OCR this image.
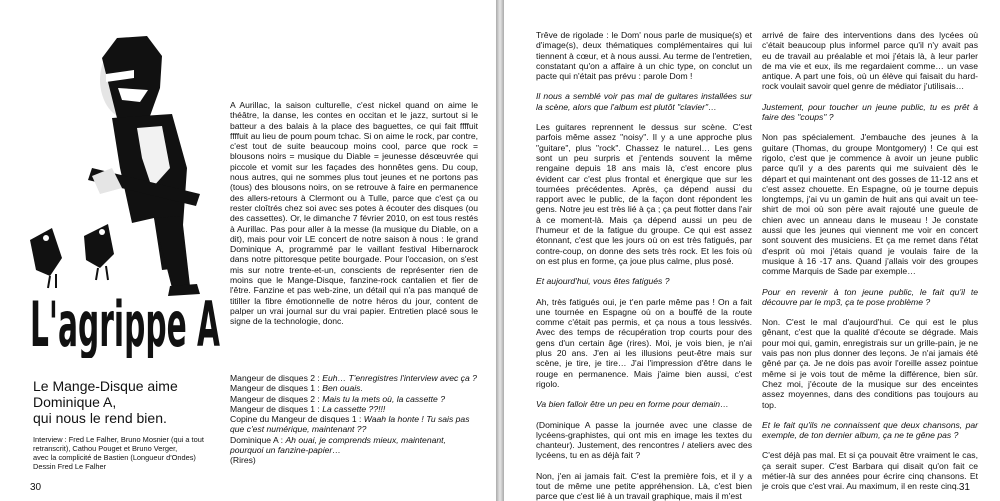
L'agrippe A
Le Mange-Disque aime
Dominique A,
qui nous le rend bien.
Interview : Fred Le Falher, Bruno Mosnier (qui a tout
retranscrit), Cathou Pouget et Bruno Verger,
avec la complicité de Bastien (Longueur d'Ondes)
Dessin Fred Le Falher

A Aurillac, la saison culturelle, c'est nickel quand on aime le théâtre, la danse, les contes en occitan et le jazz, surtout si le batteur a des balais à la place des baguettes, ce qui fait ffffuit ffffuit au lieu de poum poum tchac. Si on aime le rock, par contre, c'est tout de suite beaucoup moins cool, parce que rock = blousons noirs = musique du Diable = jeunesse désœuvrée qui piccole et vomit sur les façades des honnêtes gens. Du coup, nous autres, qui ne sommes plus tout jeunes et ne portons pas (tous) des blousons noirs, on se retrouve à faire en permanence des allers-retours à Clermont ou à Tulle, parce que c'est ça ou rester cloîtrés chez soi avec ses potes à écouter des disques (ou des cassettes). Or, le dimanche 7 février 2010, on est tous restés à Aurillac. Pas pour aller à la messe (la musique du Diable, on a dit), mais pour voir LE concert de notre saison à nous : le grand Dominique A, programmé par le vaillant festival Hibernarock dans notre pittoresque petite bourgade. Pour l'occasion, on s'est mis sur notre trente-et-un, conscients de représenter rien de moins que le Mange-Disque, fanzine-rock cantalien et fier de l'être. Fanzine et pas web-zine, un détail qui n'a pas manqué de titiller la fibre émotionnelle de notre héros du jour, content de palper un vrai journal sur du vrai papier. Entretien placé sous le signe de la technologie, donc.

Mangeur de disques 2 : Euh… T'enregistres l'interview avec ça ?
Mangeur de disques 1 : Ben ouais.
Mangeur de disques 2 : Mais tu la mets où, la cassette ?
Mangeur de disques 1 : La cassette ??!!!
Copine du Mangeur de disques 1 : Waah la honte ! Tu sais pas que c'est numérique, maintenant ??
Dominique A : Ah ouai, je comprends mieux, maintenant, pourquoi un fanzine-papier…
(Rires)
30

Trêve de rigolade : le Dom' nous parle de musique(s) et d'image(s), deux thématiques complémentaires qui lui tiennent à cœur, et à nous aussi. Au terme de l'entretien, constatant qu'on a affaire à un chic type, on conclut un pacte qui n'était pas prévu : parole Dom !

Il nous a semblé voir pas mal de guitares installées sur la scène, alors que l'album est plutôt "clavier"…

Les guitares reprennent le dessus sur scène. C'est parfois même assez "noisy". Il y a une approche plus "guitare", plus "rock". Chassez le naturel… Les gens sont un peu surpris et j'entends souvent la même rengaine depuis 18 ans mais là, c'est encore plus évident car c'est plus frontal et énergique que sur les tournées précédentes. Après, ça dépend aussi du rapport avec le public, de la façon dont répondent les gens. Notre jeu est très lié à ça ; ça peut flotter dans l'air à ce moment-là. Mais ça dépend aussi un peu de l'humeur et de la fatigue du groupe. Ce qui est assez étonnant, c'est que les jours où on est très fatigués, par contre-coup, on donne des sets très rock. Et les fois où on est plus en forme, ça joue plus calme, plus posé.

Et aujourd'hui, vous êtes fatigués ?

Ah, très fatigués oui, je t'en parle même pas ! On a fait une tournée en Espagne où on a bouffé de la route comme c'était pas permis, et ça nous a tous lessivés. Avec des temps de récupération trop courts pour des gens d'un certain âge (rires). Moi, je vois bien, je n'ai plus 20 ans. J'en ai les illusions peut-être mais sur scène, je tire, je tire… J'ai l'impression d'être dans le rouge en permanence. Mais j'aime bien aussi, c'est rigolo.

Va bien falloir être un peu en forme pour demain…

(Dominique A passe la journée avec une classe de lycéens-graphistes, qui ont mis en image les textes du chanteur). Justement, des rencontres / ateliers avec des lycéens, tu en as déjà fait ?

Non, j'en ai jamais fait. C'est la première fois, et il y a tout de même une petite appréhension. Là, c'est bien parce que c'est lié à un travail graphique, mais il m'est

arrivé de faire des interventions dans des lycées où c'était beaucoup plus informel parce qu'il n'y avait pas eu de travail au préalable et moi j'étais là, à leur parler de ma vie et eux, ils me regardaient comme… un vase antique. A part une fois, où un élève qui faisait du hard-rock voulait savoir quel genre de médiator j'utilisais…

Justement, pour toucher un jeune public, tu es prêt à faire des "coups" ?

Non pas spécialement. J'embauche des jeunes à la guitare (Thomas, du groupe Montgomery) ! Ce qui est rigolo, c'est que je commence à avoir un jeune public parce qu'il y a des parents qui me suivaient dès le départ et qui maintenant ont des gosses de 11-12 ans et c'est assez chouette. En Espagne, où je tourne depuis longtemps, j'ai vu un gamin de huit ans qui avait un tee-shirt de moi où son père avait rajouté une gueule de chien avec un anneau dans le museau ! Je constate aussi que les jeunes qui viennent me voir en concert sont souvent des musiciens. Et ça me remet dans l'état d'esprit où moi j'étais quand je voulais faire de la musique à 16 -17 ans. Quand j'allais voir des groupes comme Marquis de Sade par exemple…

Pour en revenir à ton jeune public, le fait qu'il te découvre par le mp3, ça te pose problème ?

Non. C'est le mal d'aujourd'hui. Ce qui est le plus gênant, c'est que la qualité d'écoute se dégrade. Mais pour moi qui, gamin, enregistrais sur un grille-pain, je ne vais pas non plus donner des leçons. Je n'ai jamais été gêné par ça. Je ne dois pas avoir l'oreille assez pointue même si je vois tout de même la différence, bien sûr. Chez moi, j'écoute de la musique sur des enceintes assez moyennes, dans des conditions pas toujours au top.

Et le fait qu'ils ne connaissent que deux chansons, par exemple, de ton dernier album, ça ne te gêne pas ?

C'est déjà pas mal. Et si ça pouvait être vraiment le cas, ça serait super. C'est Barbara qui disait qu'on fait ce métier-là sur des années pour écrire cinq chansons. Et je crois que c'est vrai. Au maximum, il en reste cinq. 31
